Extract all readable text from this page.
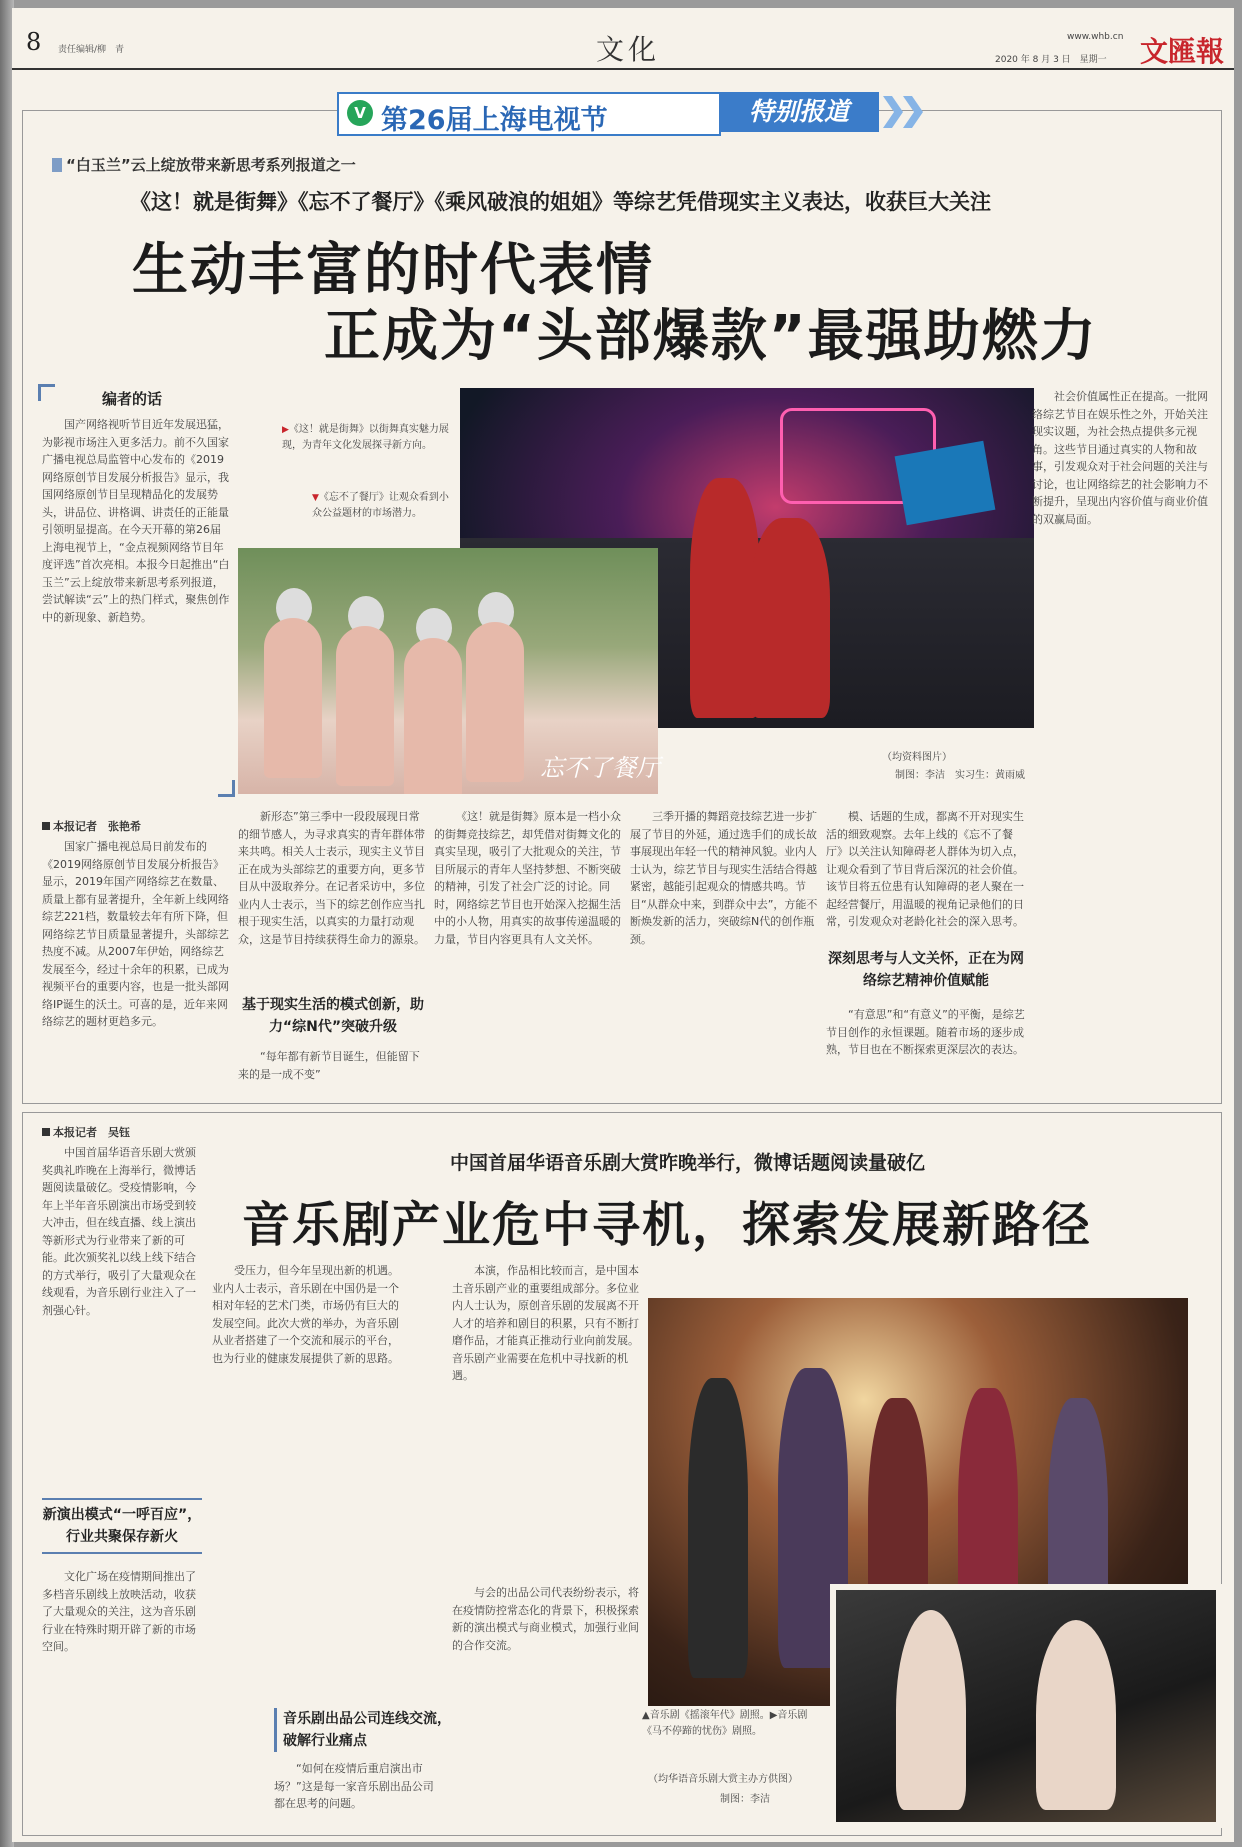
8 责任编辑/柳　青	文化	www.whb.cn
2020 年 8 月 3 日　星期一 文匯報
V 第26届上海电视节	特别报道
“白玉兰”云上绽放带来新思考系列报道之一
《这！就是街舞》《忘不了餐厅》《乘风破浪的姐姐》等综艺凭借现实主义表达，收获巨大关注
生动丰富的时代表情
正成为“头部爆款”最强助燃力
编者的话
国产网络视听节目近年发展迅猛，为影视市场注入更多活力。前不久国家广播电视总局监管中心发布的《2019网络原创节目发展分析报告》显示，我国网络原创节目呈现精品化的发展势头，讲品位、讲格调、讲责任的正能量引领明显提高。在今天开幕的第26届上海电视节上，“金点视频网络节目年度评选”首次亮相。本报今日起推出“白玉兰”云上绽放带来新思考系列报道，尝试解读“云”上的热门样式，聚焦创作中的新现象、新趋势。
忘不了餐厅
▶《这！就是街舞》以街舞真实魅力展现，为青年文化发展探寻新方向。
▼《忘不了餐厅》让观众看到小众公益题材的市场潜力。
（均资料图片）
制图：李洁　实习生：黄雨威
本报记者　张艳希
国家广播电视总局日前发布的《2019网络原创节目发展分析报告》显示，2019年国产网络综艺在数量、质量上都有显著提升，全年新上线网络综艺221档，数量较去年有所下降，但网络综艺节目质量显著提升，头部综艺热度不减。从2007年伊始，网络综艺发展至今，经过十余年的积累，已成为视频平台的重要内容，也是一批头部网络IP诞生的沃土。可喜的是，近年来网络综艺的题材更趋多元。
新形态”第三季中一段段展现日常的细节感人，为寻求真实的青年群体带来共鸣。相关人士表示，现实主义节目正在成为头部综艺的重要方向，更多节目从中汲取养分。在记者采访中，多位业内人士表示，当下的综艺创作应当扎根于现实生活，以真实的力量打动观众，这是节目持续获得生命力的源泉。
基于现实生活的模式创新，助力“综N代”突破升级
“每年都有新节目诞生，但能留下来的是一成不变”
《这！就是街舞》原本是一档小众的街舞竞技综艺，却凭借对街舞文化的真实呈现，吸引了大批观众的关注，节目所展示的青年人坚持梦想、不断突破的精神，引发了社会广泛的讨论。同时，网络综艺节目也开始深入挖掘生活中的小人物，用真实的故事传递温暖的力量，节目内容更具有人文关怀。
三季开播的舞蹈竞技综艺进一步扩展了节目的外延，通过选手们的成长故事展现出年轻一代的精神风貌。业内人士认为，综艺节目与现实生活结合得越紧密，越能引起观众的情感共鸣。节目“从群众中来，到群众中去”，方能不断焕发新的活力，突破综N代的创作瓶颈。
模、话题的生成，都离不开对现实生活的细致观察。去年上线的《忘不了餐厅》以关注认知障碍老人群体为切入点，让观众看到了节目背后深沉的社会价值。该节目将五位患有认知障碍的老人聚在一起经营餐厅，用温暖的视角记录他们的日常，引发观众对老龄化社会的深入思考。
深刻思考与人文关怀，正在为网络综艺精神价值赋能
“有意思”和“有意义”的平衡，是综艺节目创作的永恒课题。随着市场的逐步成熟，节目也在不断探索更深层次的表达。
社会价值属性正在提高。一批网络综艺节目在娱乐性之外，开始关注现实议题，为社会热点提供多元视角。这些节目通过真实的人物和故事，引发观众对于社会问题的关注与讨论，也让网络综艺的社会影响力不断提升，呈现出内容价值与商业价值的双赢局面。
本报记者　吴钰
中国首届华语音乐剧大赏昨晚举行，微博话题阅读量破亿
音乐剧产业危中寻机，探索发展新路径
中国首届华语音乐剧大赏颁奖典礼昨晚在上海举行，微博话题阅读量破亿。受疫情影响，今年上半年音乐剧演出市场受到较大冲击，但在线直播、线上演出等新形式为行业带来了新的可能。此次颁奖礼以线上线下结合的方式举行，吸引了大量观众在线观看，为音乐剧行业注入了一剂强心针。
新演出模式“一呼百应”，行业共聚保存新火
文化广场在疫情期间推出了多档音乐剧线上放映活动，收获了大量观众的关注，这为音乐剧行业在特殊时期开辟了新的市场空间。
受压力，但今年呈现出新的机遇。业内人士表示，音乐剧在中国仍是一个相对年轻的艺术门类，市场仍有巨大的发展空间。此次大赏的举办，为音乐剧从业者搭建了一个交流和展示的平台，也为行业的健康发展提供了新的思路。
音乐剧出品公司连线交流，破解行业痛点
“如何在疫情后重启演出市场？”这是每一家音乐剧出品公司都在思考的问题。
本演，作品相比较而言，是中国本土音乐剧产业的重要组成部分。多位业内人士认为，原创音乐剧的发展离不开人才的培养和剧目的积累，只有不断打磨作品，才能真正推动行业向前发展。音乐剧产业需要在危机中寻找新的机遇。
与会的出品公司代表纷纷表示，将在疫情防控常态化的背景下，积极探索新的演出模式与商业模式，加强行业间的合作交流。
▲音乐剧《摇滚年代》剧照。▶音乐剧《马不停蹄的忧伤》剧照。
（均华语音乐剧大赏主办方供图）
制图：李洁
